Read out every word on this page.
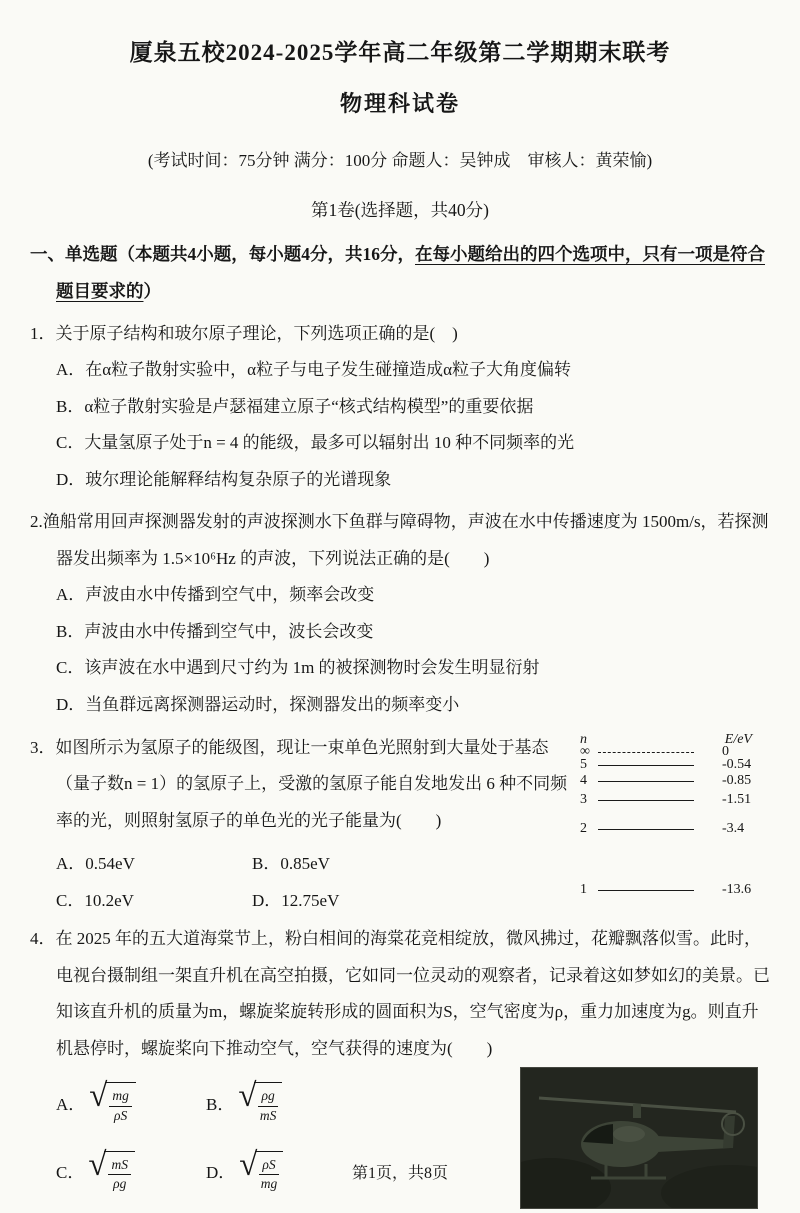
厦泉五校2024-2025学年高二年级第二学期期末联考
物理科试卷

(考试时间：75分钟 满分：100分 命题人：吴钟成　审核人：黄荣愉)

第1卷(选择题，共40分)

一、单选题（本题共4小题，每小题4分，共16分，在每小题给出的四个选项中，只有一项是符合题目要求的）

1．关于原子结构和玻尔原子理论，下列选项正确的是(　)

A．在α粒子散射实验中，α粒子与电子发生碰撞造成α粒子大角度偏转

B．α粒子散射实验是卢瑟福建立原子“核式结构模型”的重要依据

C．大量氢原子处于n = 4 的能级，最多可以辐射出 10 种不同频率的光

D．玻尔理论能解释结构复杂原子的光谱现象

2.渔船常用回声探测器发射的声波探测水下鱼群与障碍物，声波在水中传播速度为 1500m/s，若探测器发出频率为 1.5×10⁶Hz 的声波，下列说法正确的是(　　)

A．声波由水中传播到空气中，频率会改变

B．声波由水中传播到空气中，波长会改变

C．该声波在水中遇到尺寸约为 1m 的被探测物时会发生明显衍射

D．当鱼群远离探测器运动时，探测器发出的频率变小

n	E/eV
∞	0
5	-0.54
4	-0.85
3	-1.51
2	-3.4
1	-13.6

3．如图所示为氢原子的能级图，现让一束单色光照射到大量处于基态（量子数n = 1）的氢原子上，受激的氢原子能自发地发出 6 种不同频率的光，则照射氢原子的单色光的光子能量为(　　)

A．0.54eV	B．0.85eV
C．10.2eV	D．12.75eV

4．在 2025 年的五大道海棠节上，粉白相间的海棠花竞相绽放，微风拂过，花瓣飘落似雪。此时，电视台摄制组一架直升机在高空拍摄，它如同一位灵动的观察者，记录着这如梦如幻的美景。已知该直升机的质量为m，螺旋桨旋转形成的圆面积为S，空气密度为ρ，重力加速度为g。则直升机悬停时，螺旋桨向下推动空气，空气获得的速度为(　　)

A． √ $\frac{mg}{\rho S}$	B． √ $\frac{\rho g}{mS}$
C． √ $\frac{mS}{\rho g}$	D． √ $\frac{\rho S}{mg}$	第1页，共8页
